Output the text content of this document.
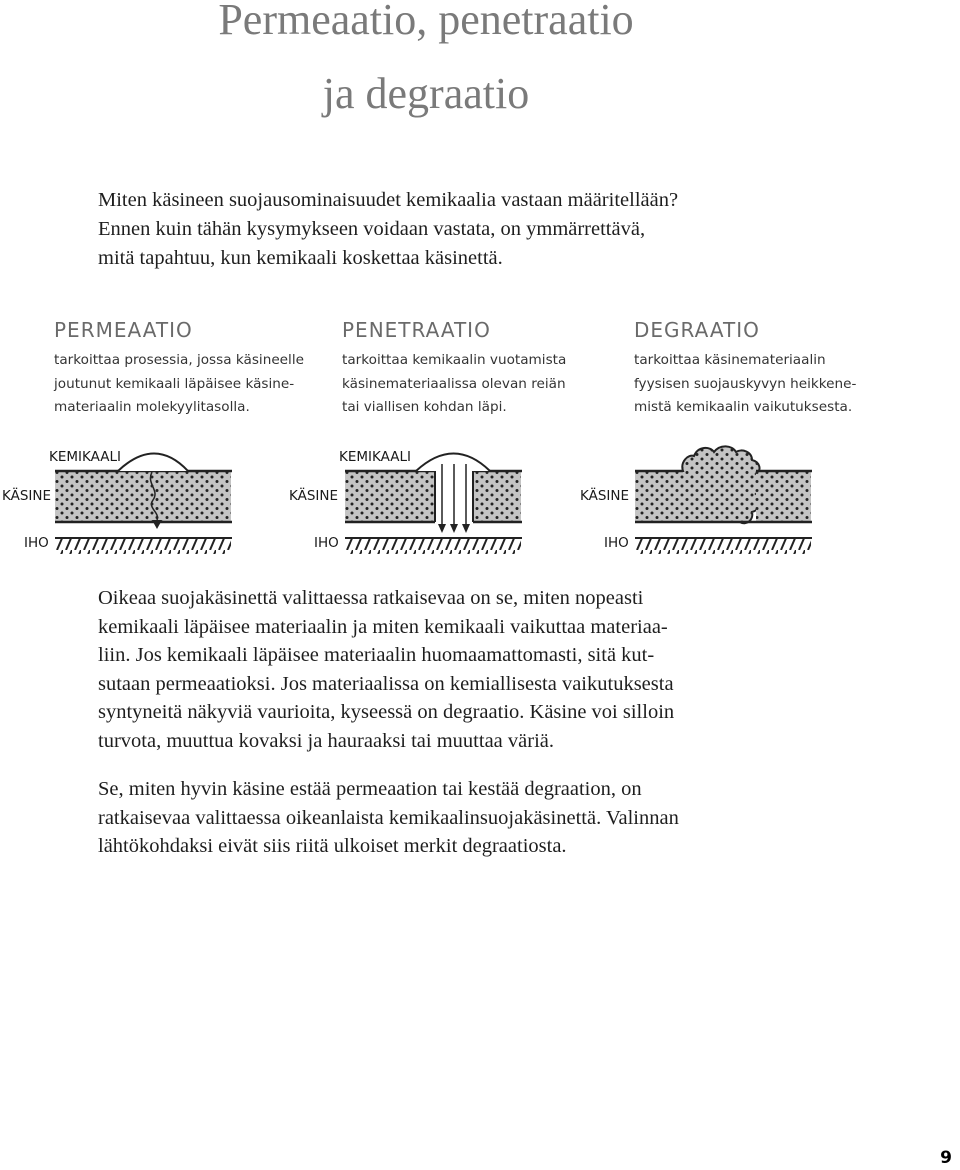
Permeaatio, penetraatio
ja degraatio
Miten käsineen suojausominaisuudet kemikaalia vastaan määritellään?
Ennen kuin tähän kysymykseen voidaan vastata, on ymmärrettävä,
mitä tapahtuu, kun kemikaali koskettaa käsinettä.
PERMEAATIO
tarkoittaa prosessia, jossa käsineelle
joutunut kemikaali läpäisee käsine-
materiaalin molekyylitasolla.
PENETRAATIO
tarkoittaa kemikaalin vuotamista
käsinemateriaalissa olevan reiän
tai viallisen kohdan läpi.
DEGRAATIO
tarkoittaa käsinemateriaalin
fyysisen suojauskyvyn heikkene-
mistä kemikaalin vaikutuksesta.
KEMIKAALI	KEMIKAALI
KÄSINE	KÄSINE	KÄSINE
IHO	IHO	IHO
Oikeaa suojakäsinettä valittaessa ratkaisevaa on se, miten nopeasti
kemikaali läpäisee materiaalin ja miten kemikaali vaikuttaa materiaa-
liin. Jos kemikaali läpäisee materiaalin huomaamattomasti, sitä kut-
sutaan permeaatioksi. Jos materiaalissa on kemiallisesta vaikutuksesta
syntyneitä näkyviä vaurioita, kyseessä on degraatio. Käsine voi silloin
turvota, muuttua kovaksi ja hauraaksi tai muuttaa väriä.
Se, miten hyvin käsine estää permeaation tai kestää degraation, on
ratkaisevaa valittaessa oikeanlaista kemikaalinsuojakäsinettä. Valinnan
lähtökohdaksi eivät siis riitä ulkoiset merkit degraatiosta.
9
